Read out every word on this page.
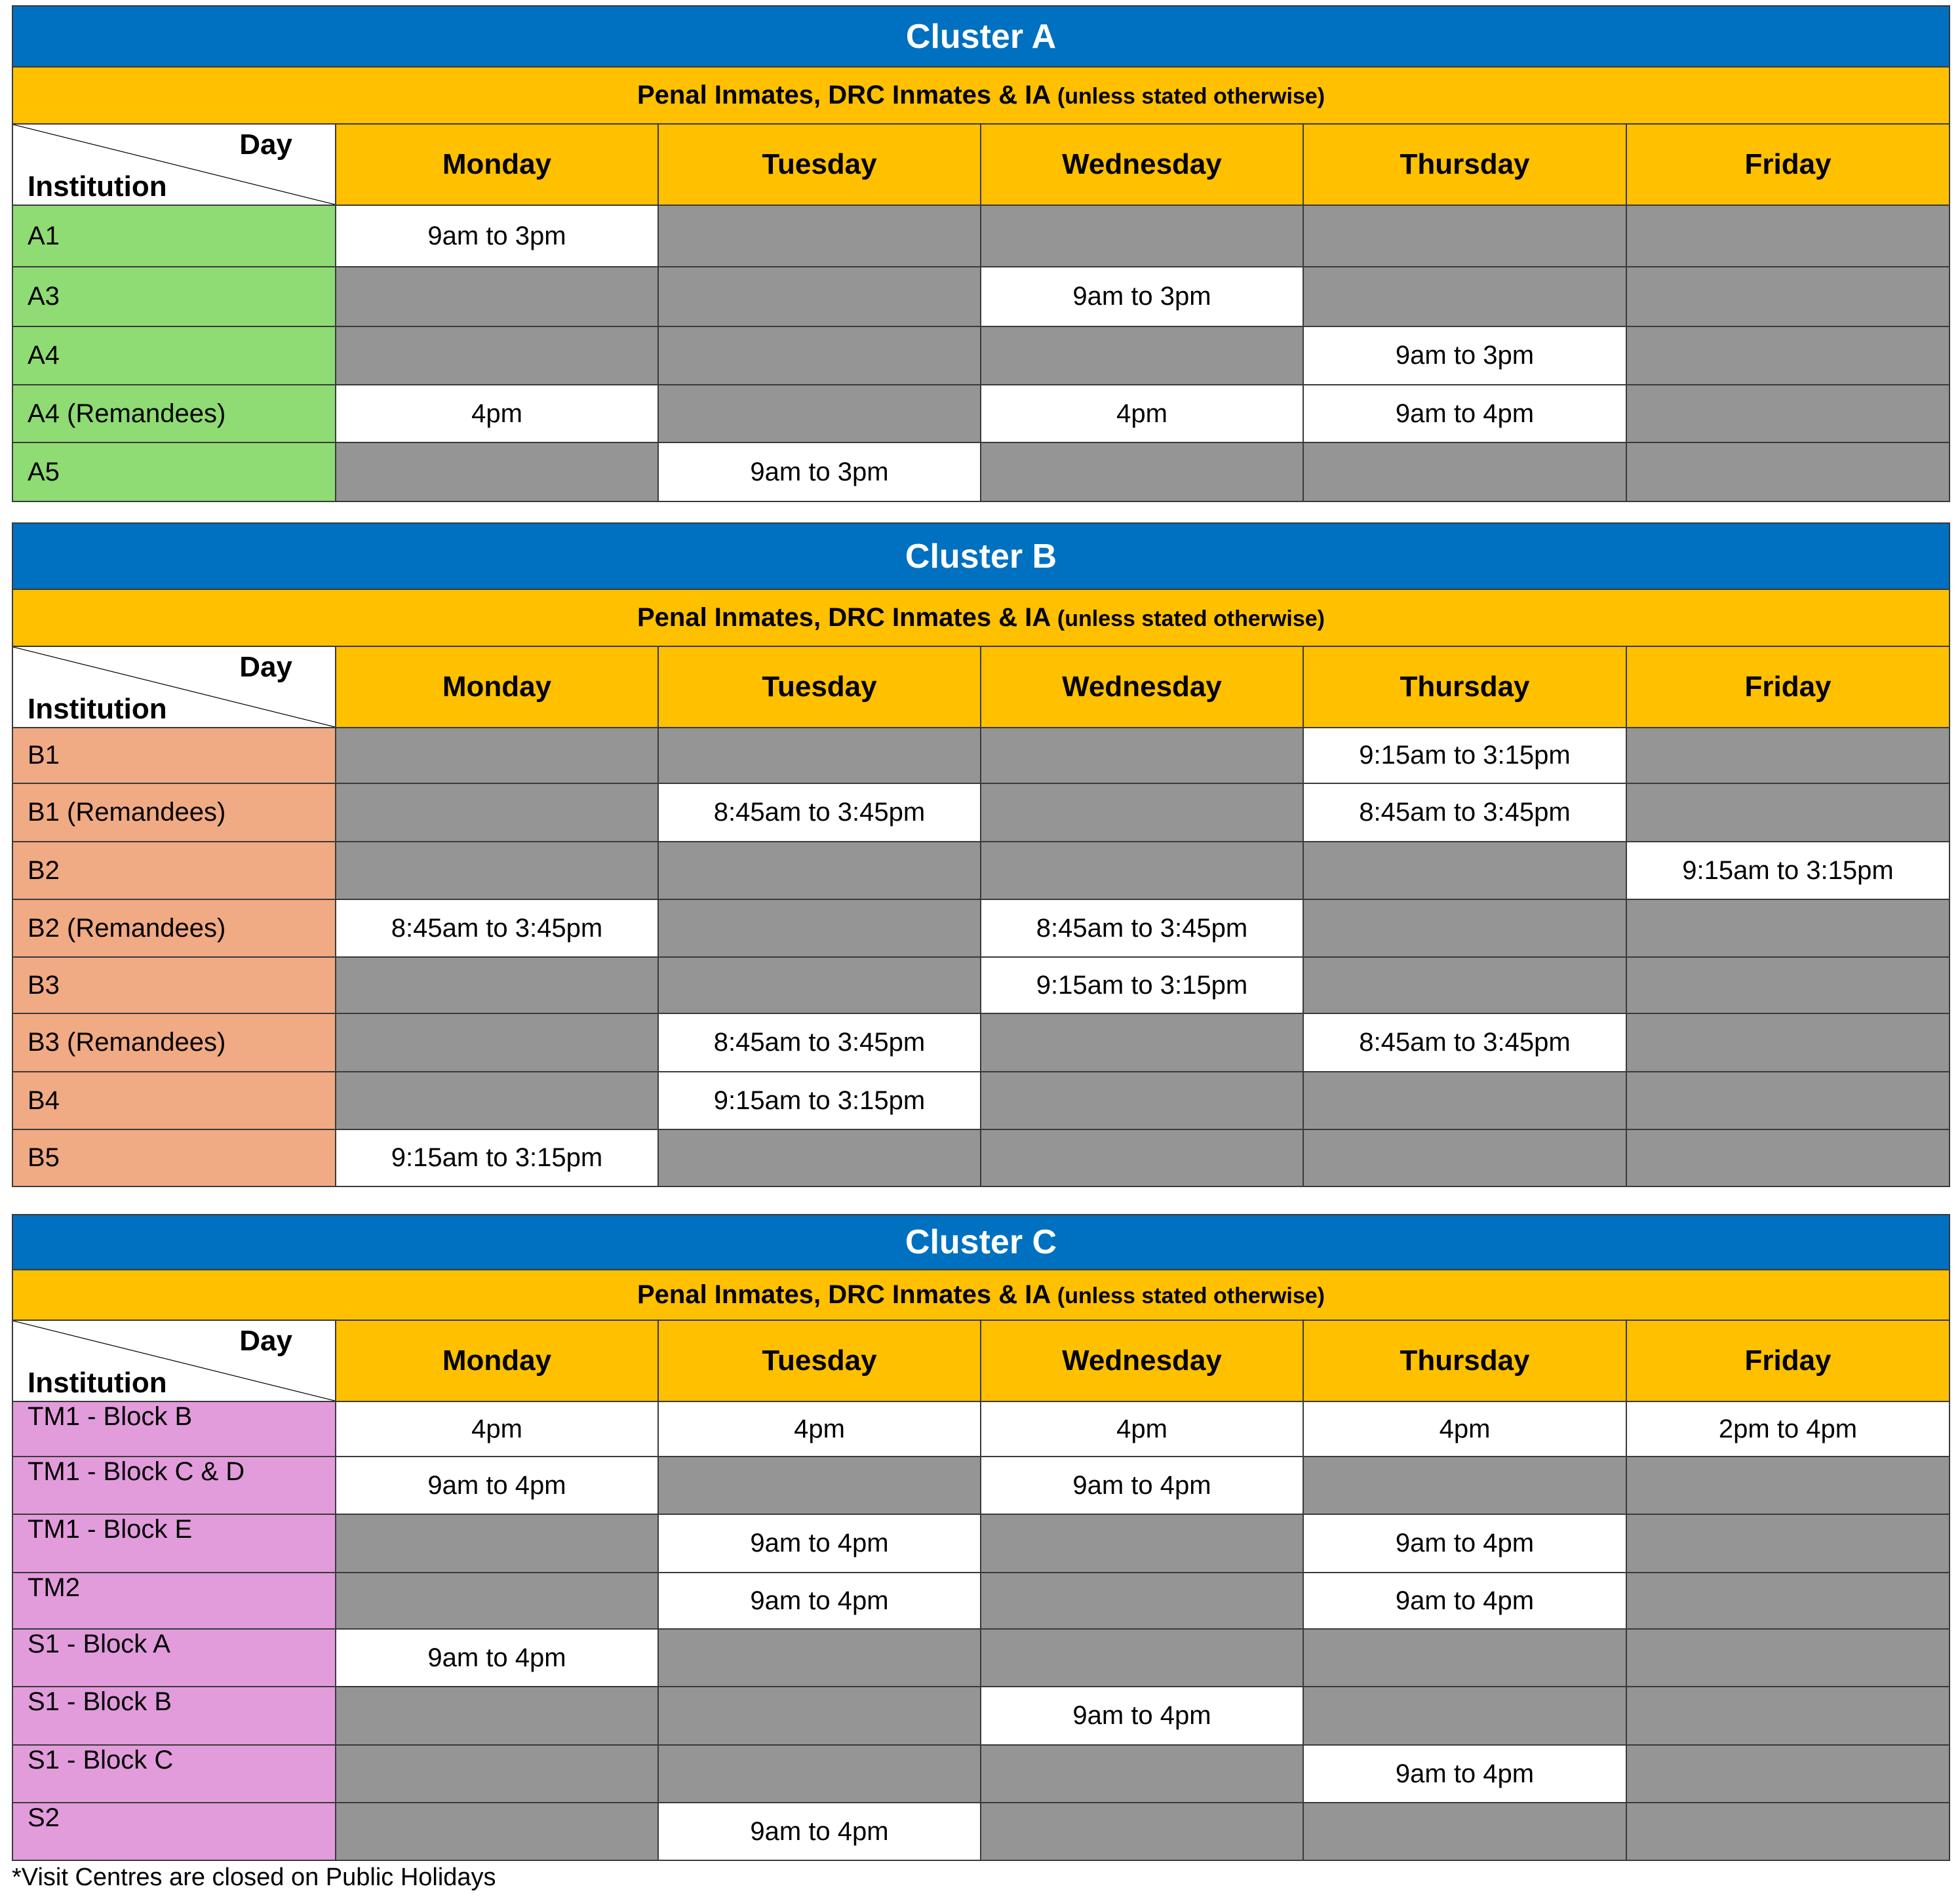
Cluster A					
Penal Inmates, DRC Inmates & IA (unless stated otherwise)					

Day
Institution	Monday	Tuesday	Wednesday	Thursday	Friday
A1	9am to 3pm				
A3			9am to 3pm		
A4				9am to 3pm	
A4 (Remandees)	4pm		4pm	9am to 4pm	
A5		9am to 3pm			
Cluster B					
Penal Inmates, DRC Inmates & IA (unless stated otherwise)					

Day
Institution	Monday	Tuesday	Wednesday	Thursday	Friday
B1				9:15am to 3:15pm	
B1 (Remandees)		8:45am to 3:45pm		8:45am to 3:45pm	
B2					9:15am to 3:15pm
B2 (Remandees)	8:45am to 3:45pm		8:45am to 3:45pm		
B3			9:15am to 3:15pm		
B3 (Remandees)		8:45am to 3:45pm		8:45am to 3:45pm	
B4		9:15am to 3:15pm			
B5	9:15am to 3:15pm				
Cluster C					
Penal Inmates, DRC Inmates & IA (unless stated otherwise)					

Day
Institution	Monday	Tuesday	Wednesday	Thursday	Friday
TM1 - Block B	4pm	4pm	4pm	4pm	2pm to 4pm
TM1 - Block C & D	9am to 4pm		9am to 4pm		
TM1 - Block E		9am to 4pm		9am to 4pm	
TM2		9am to 4pm		9am to 4pm	
S1 - Block A	9am to 4pm				
S1 - Block B			9am to 4pm		
S1 - Block C				9am to 4pm	
S2		9am to 4pm			
*Visit Centres are closed on Public Holidays
